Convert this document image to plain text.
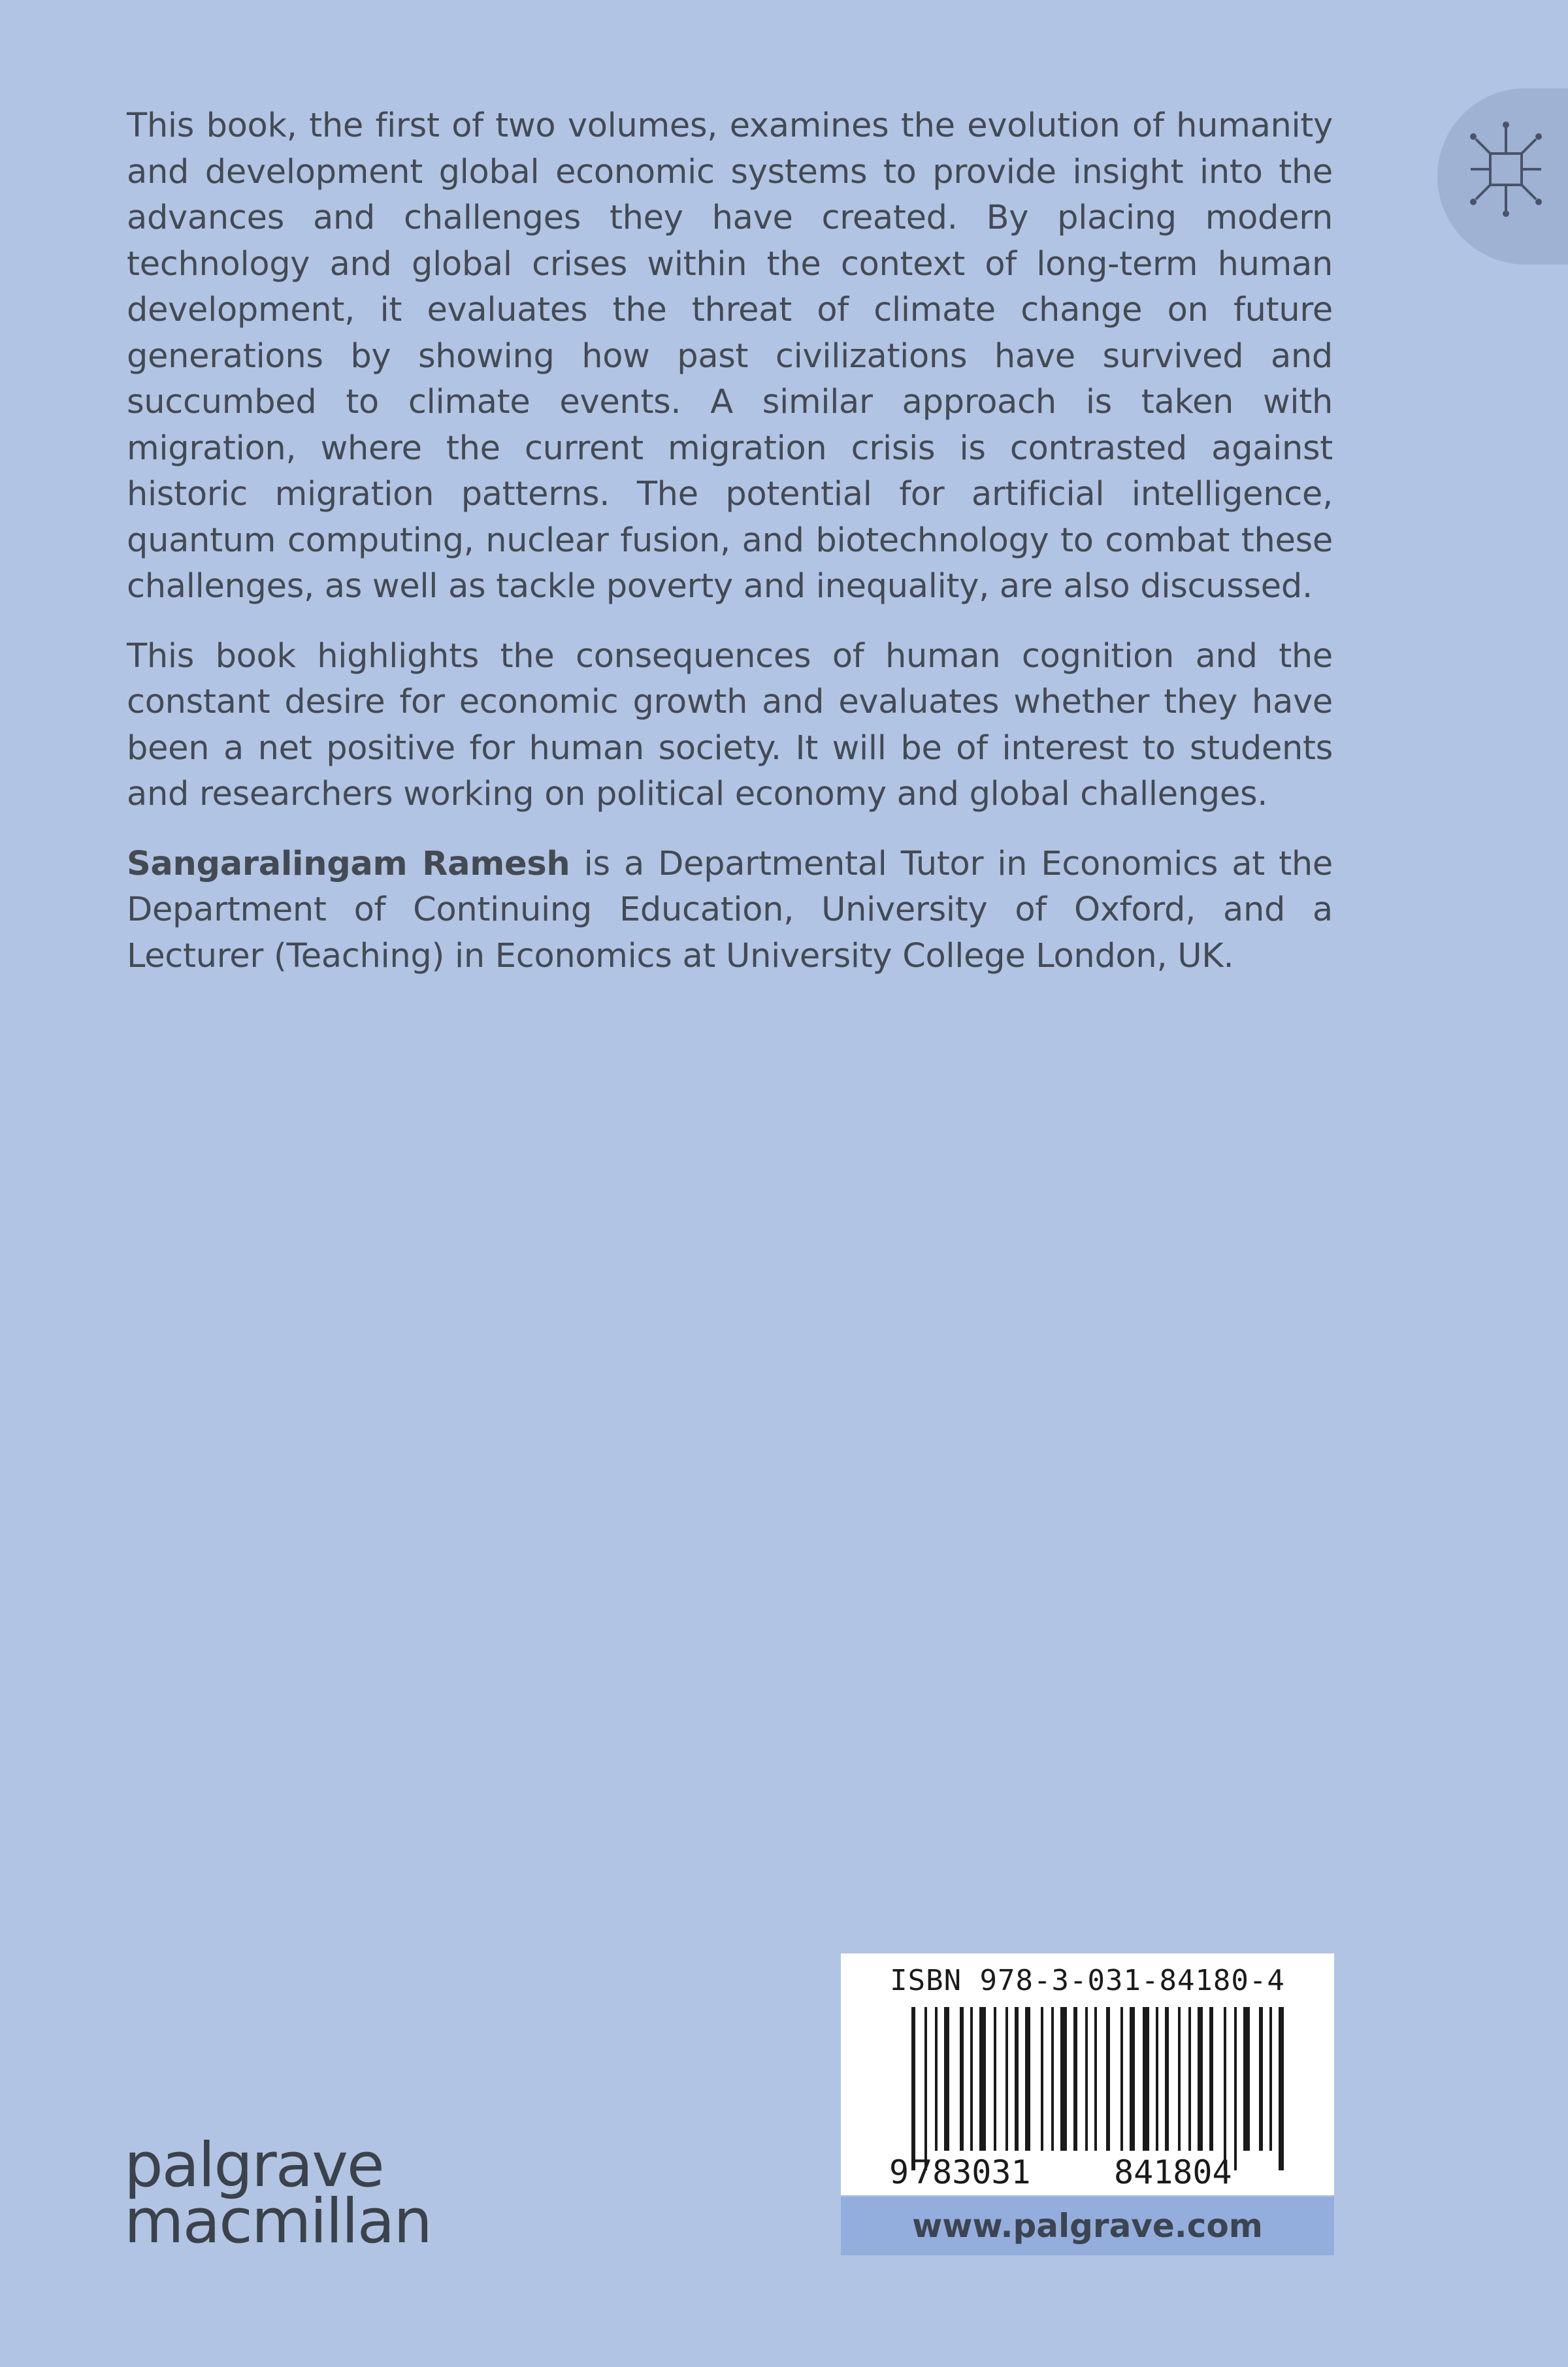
This book, the first of two volumes, examines the evolution of humanity and development global economic systems to provide insight into the advances and challenges they have created. By placing modern technology and global crises within the context of long-term human development, it evaluates the threat of climate change on future generations by showing how past civilizations have survived and succumbed to climate events. A similar approach is taken with migration, where the current migration crisis is contrasted against historic migration patterns. The potential for artificial intelligence, quantum computing, nuclear fusion, and biotechnology to combat these challenges, as well as tackle poverty and inequality, are also discussed.

This book highlights the consequences of human cognition and the constant desire for economic growth and evaluates whether they have been a net positive for human society. It will be of interest to students and researchers working on political economy and global challenges.

Sangaralingam Ramesh is a Departmental Tutor in Economics at the Department of Continuing Education, University of Oxford, and a Lecturer (Teaching) in Economics at University College London, UK.

palgrave
macmillan
ISBN 978-3-031-84180-4
9 783031	841804
www.palgrave.com
